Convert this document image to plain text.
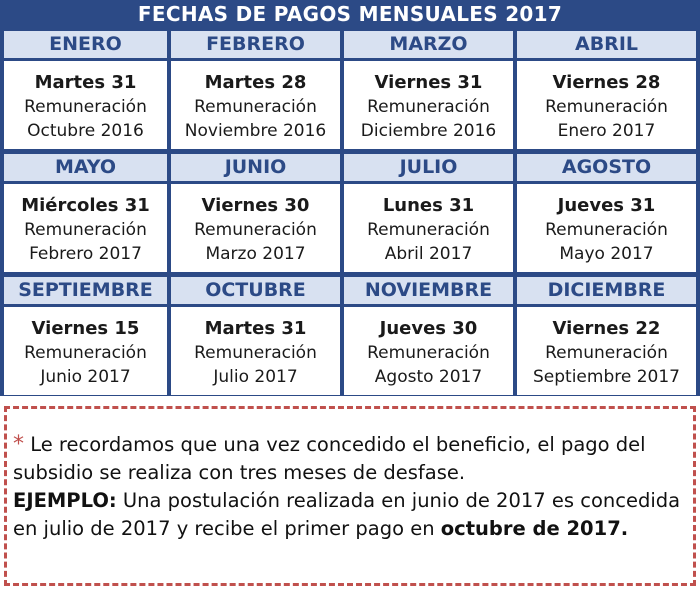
FECHAS DE PAGOS MENSUALES 2017
ENERO
Martes 31
Remuneración
Octubre 2016
FEBRERO
Martes 28
Remuneración
Noviembre 2016
MARZO
Viernes 31
Remuneración
Diciembre 2016
ABRIL
Viernes 28
Remuneración
Enero 2017
MAYO
Miércoles 31
Remuneración
Febrero 2017
JUNIO
Viernes 30
Remuneración
Marzo 2017
JULIO
Lunes 31
Remuneración
Abril 2017
AGOSTO
Jueves 31
Remuneración
Mayo 2017
SEPTIEMBRE
Viernes 15
Remuneración
Junio 2017
OCTUBRE
Martes 31
Remuneración
Julio 2017
NOVIEMBRE
Jueves 30
Remuneración
Agosto 2017
DICIEMBRE
Viernes 22
Remuneración
Septiembre 2017
* Le recordamos que una vez concedido el beneficio, el pago del subsidio se realiza con tres meses de desfase.
EJEMPLO: Una postulación realizada en junio de 2017 es concedida en julio de 2017 y recibe el primer pago en octubre de 2017.
